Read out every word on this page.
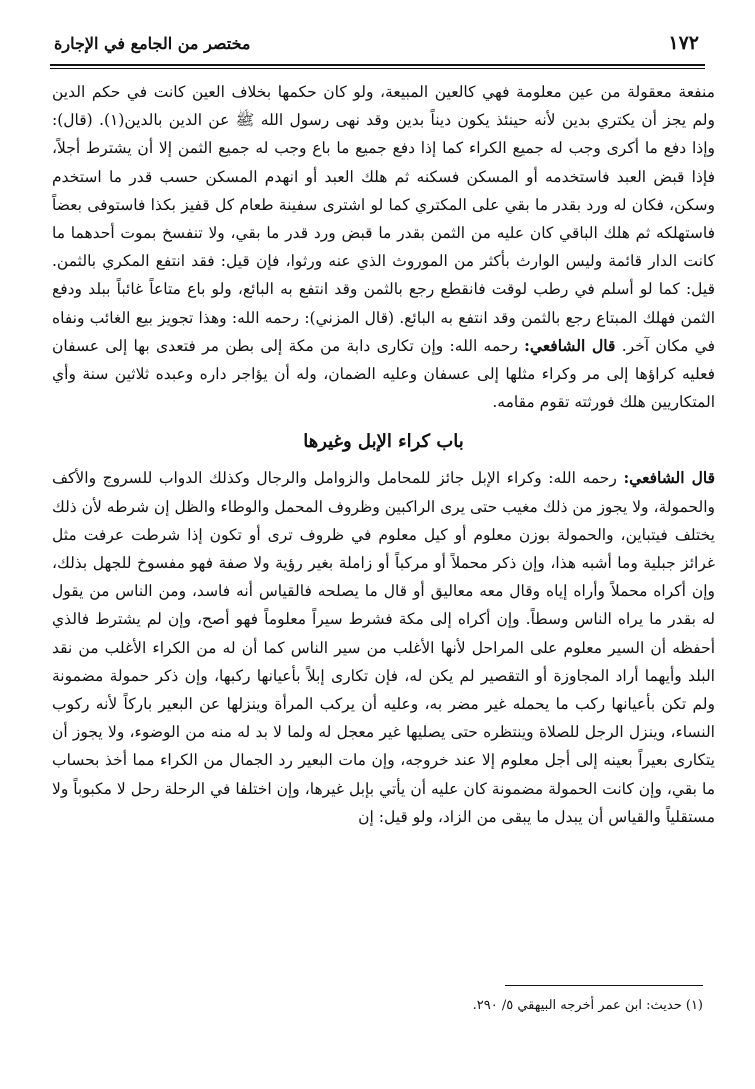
١٧٢
مختصر من الجامع في الإجارة

منفعة معقولة من عين معلومة فهي كالعين المبيعة، ولو كان حكمها بخلاف العين كانت في حكم الدين ولم يجز أن يكتري بدين لأنه حينئذ يكون ديناً بدين وقد نهى رسول الله ﷺ عن الدين بالدين(١). (قال): وإذا دفع ما أكرى وجب له جميع الكراء كما إذا دفع جميع ما باع وجب له جميع الثمن إلا أن يشترط أجلاً، فإذا قبض العبد فاستخدمه أو المسكن فسكنه ثم هلك العبد أو انهدم المسكن حسب قدر ما استخدم وسكن، فكان له ورد بقدر ما بقي على المكتري كما لو اشترى سفينة طعام كل قفيز بكذا فاستوفى بعضاً فاستهلكه ثم هلك الباقي كان عليه من الثمن بقدر ما قبض ورد قدر ما بقي، ولا تنفسخ بموت أحدهما ما كانت الدار قائمة وليس الوارث بأكثر من الموروث الذي عنه ورثوا، فإن قيل: فقد انتفع المكري بالثمن. قيل: كما لو أسلم في رطب لوقت فانقطع رجع بالثمن وقد انتفع به البائع، ولو باع متاعاً غائباً ببلد ودفع الثمن فهلك المبتاع رجع بالثمن وقد انتفع به البائع. (قال المزني): رحمه الله: وهذا تجويز بيع الغائب ونفاه في مكان آخر. قال الشافعي: رحمه الله: وإن تكارى دابة من مكة إلى بطن مر فتعدى بها إلى عسفان فعليه كراؤها إلى مر وكراء مثلها إلى عسفان وعليه الضمان، وله أن يؤاجر داره وعبده ثلاثين سنة وأي المتكاريين هلك فورثته تقوم مقامه.

باب كراء الإبل وغيرها

قال الشافعي: رحمه الله: وكراء الإبل جائز للمحامل والزوامل والرجال وكذلك الدواب للسروج والأكف والحمولة، ولا يجوز من ذلك مغيب حتى يرى الراكبين وظروف المحمل والوطاء والظل إن شرطه لأن ذلك يختلف فيتباين، والحمولة بوزن معلوم أو كيل معلوم في ظروف ترى أو تكون إذا شرطت عرفت مثل غرائز جبلية وما أشبه هذا، وإن ذكر محملاً أو مركباً أو زاملة بغير رؤية ولا صفة فهو مفسوخ للجهل بذلك، وإن أكراه محملاً وأراه إياه وقال معه معاليق أو قال ما يصلحه فالقياس أنه فاسد، ومن الناس من يقول له بقدر ما يراه الناس وسطاً. وإن أكراه إلى مكة فشرط سيراً معلوماً فهو أصح، وإن لم يشترط فالذي أحفظه أن السير معلوم على المراحل لأنها الأغلب من سير الناس كما أن له من الكراء الأغلب من نقد البلد وأيهما أراد المجاوزة أو التقصير لم يكن له، فإن تكارى إبلاً بأعيانها ركبها، وإن ذكر حمولة مضمونة ولم تكن بأعيانها ركب ما يحمله غير مضر به، وعليه أن يركب المرأة وينزلها عن البعير باركاً لأنه ركوب النساء، وينزل الرجل للصلاة وينتظره حتى يصليها غير معجل له ولما لا بد له منه من الوضوء، ولا يجوز أن يتكارى بعيراً بعينه إلى أجل معلوم إلا عند خروجه، وإن مات البعير رد الجمال من الكراء مما أخذ بحساب ما بقي، وإن كانت الحمولة مضمونة كان عليه أن يأتي بإبل غيرها، وإن اختلفا في الرحلة رحل لا مكبوباً ولا مستقلياً والقياس أن يبدل ما يبقى من الزاد، ولو قيل: إن

(١) حديث: ابن عمر أخرجه البيهقي ٥/ ٢٩٠.
